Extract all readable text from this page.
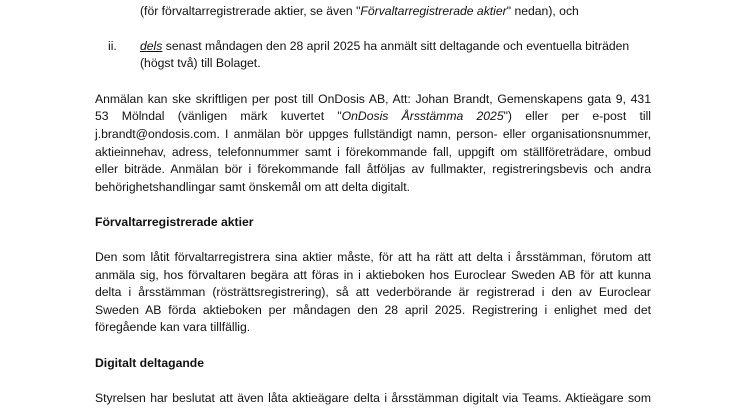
(för förvaltarregistrerade aktier, se även "Förvaltarregistrerade aktier" nedan), och
ii. dels senast måndagen den 28 april 2025 ha anmält sitt deltagande och eventuella biträden
(högst två) till Bolaget.
Anmälan kan ske skriftligen per post till OnDosis AB, Att: Johan Brandt, Gemenskapens gata 9, 431
53 Mölndal (vänligen märk kuvertet "OnDosis Årsstämma 2025") eller per e-post till
j.brandt@ondosis.com. I anmälan bör uppges fullständigt namn, person- eller organisationsnummer,
aktieinnehav, adress, telefonnummer samt i förekommande fall, uppgift om ställföreträdare, ombud
eller biträde. Anmälan bör i förekommande fall åtföljas av fullmakter, registreringsbevis och andra
behörighetshandlingar samt önskemål om att delta digitalt.
Förvaltarregistrerade aktier
Den som låtit förvaltarregistrera sina aktier måste, för att ha rätt att delta i årsstämman, förutom att
anmäla sig, hos förvaltaren begära att föras in i aktieboken hos Euroclear Sweden AB för att kunna
delta i årsstämman (rösträttsregistrering), så att vederbörande är registrerad i den av Euroclear
Sweden AB förda aktieboken per måndagen den 28 april 2025. Registrering i enlighet med det
föregående kan vara tillfällig.
Digitalt deltagande
Styrelsen har beslutat att även låta aktieägare delta i årsstämman digitalt via Teams. Aktieägare som
